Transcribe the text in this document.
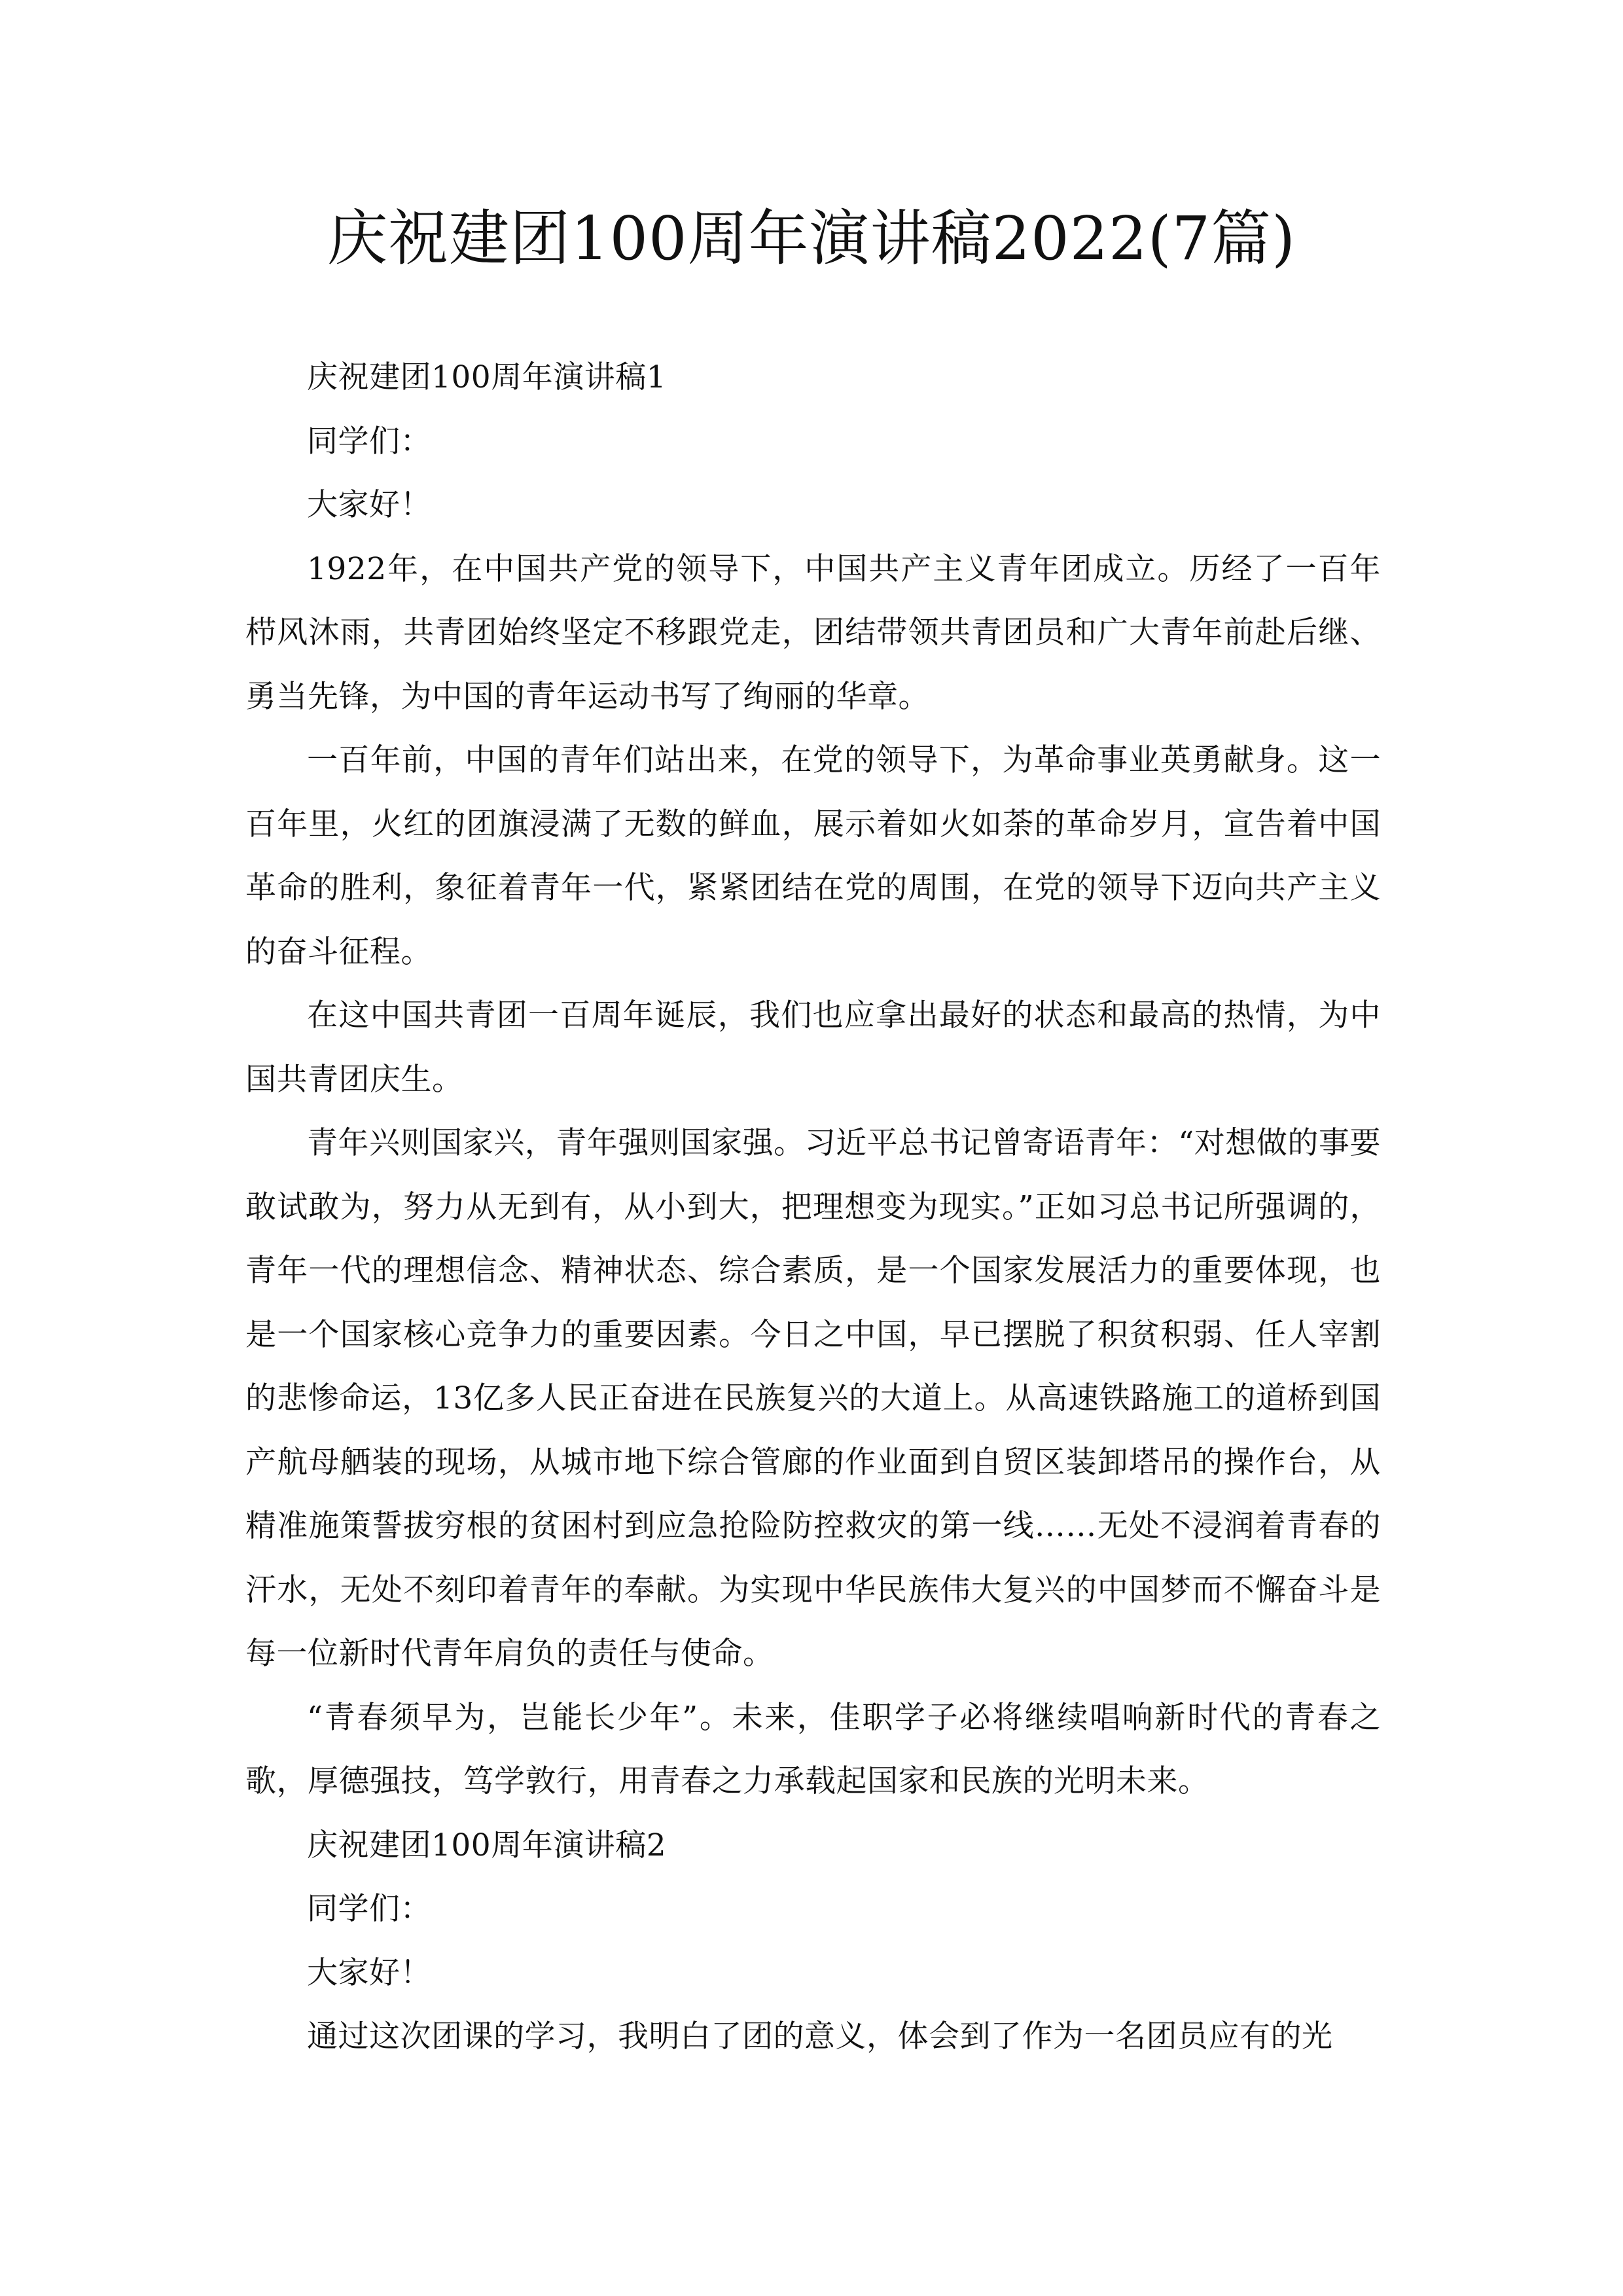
庆祝建团100周年演讲稿2022(7篇)

庆祝建团100周年演讲稿1

同学们：

大家好！

1922年，在中国共产党的领导下，中国共产主义青年团成立。历经了一百年栉风沐雨，共青团始终坚定不移跟党走，团结带领共青团员和广大青年前赴后继、勇当先锋，为中国的青年运动书写了绚丽的华章。

一百年前，中国的青年们站出来，在党的领导下，为革命事业英勇献身。这一百年里，火红的团旗浸满了无数的鲜血，展示着如火如荼的革命岁月，宣告着中国革命的胜利，象征着青年一代，紧紧团结在党的周围，在党的领导下迈向共产主义的奋斗征程。

在这中国共青团一百周年诞辰，我们也应拿出最好的状态和最高的热情，为中国共青团庆生。

青年兴则国家兴，青年强则国家强。习近平总书记曾寄语青年：“对想做的事要敢试敢为，努力从无到有，从小到大，把理想变为现实。”正如习总书记所强调的，青年一代的理想信念、精神状态、综合素质，是一个国家发展活力的重要体现，也是一个国家核心竞争力的重要因素。今日之中国，早已摆脱了积贫积弱、任人宰割的悲惨命运，13亿多人民正奋进在民族复兴的大道上。从高速铁路施工的道桥到国产航母舾装的现场，从城市地下综合管廊的作业面到自贸区装卸塔吊的操作台，从精准施策誓拔穷根的贫困村到应急抢险防控救灾的第一线……无处不浸润着青春的汗水，无处不刻印着青年的奉献。为实现中华民族伟大复兴的中国梦而不懈奋斗是每一位新时代青年肩负的责任与使命。

“青春须早为，岂能长少年”。未来，佳职学子必将继续唱响新时代的青春之歌，厚德强技，笃学敦行，用青春之力承载起国家和民族的光明未来。

庆祝建团100周年演讲稿2

同学们：

大家好！

通过这次团课的学习，我明白了团的意义，体会到了作为一名团员应有的光
